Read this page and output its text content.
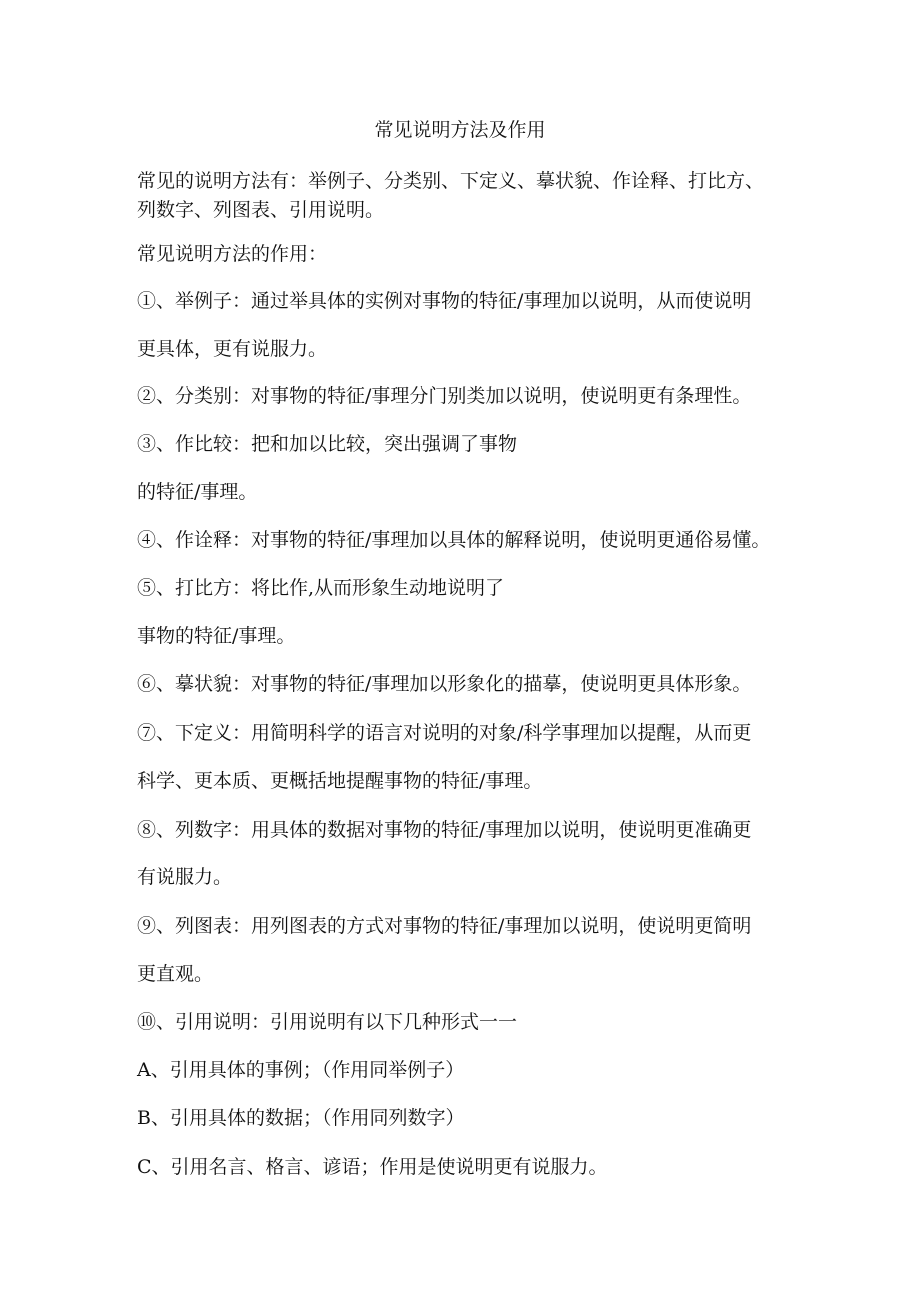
常见说明方法及作用
常见的说明方法有：举例子、分类别、下定义、摹状貌、作诠释、打比方、
列数字、列图表、引用说明。
常见说明方法的作用：
①、举例子：通过举具体的实例对事物的特征/事理加以说明，从而使说明
更具体，更有说服力。
②、分类别：对事物的特征/事理分门别类加以说明，使说明更有条理性。
③、作比较：把和加以比较，突出强调了事物
的特征/事理。
④、作诠释：对事物的特征/事理加以具体的解释说明，使说明更通俗易懂。
⑤、打比方：将比作,从而形象生动地说明了
事物的特征/事理。
⑥、摹状貌：对事物的特征/事理加以形象化的描摹，使说明更具体形象。
⑦、下定义：用简明科学的语言对说明的对象/科学事理加以提醒，从而更
科学、更本质、更概括地提醒事物的特征/事理。
⑧、列数字：用具体的数据对事物的特征/事理加以说明，使说明更准确更
有说服力。
⑨、列图表：用列图表的方式对事物的特征/事理加以说明，使说明更简明
更直观。
⑩、引用说明：引用说明有以下几种形式一一
A、引用具体的事例；（作用同举例子）
B、引用具体的数据；（作用同列数字）
C、引用名言、格言、谚语；作用是使说明更有说服力。
